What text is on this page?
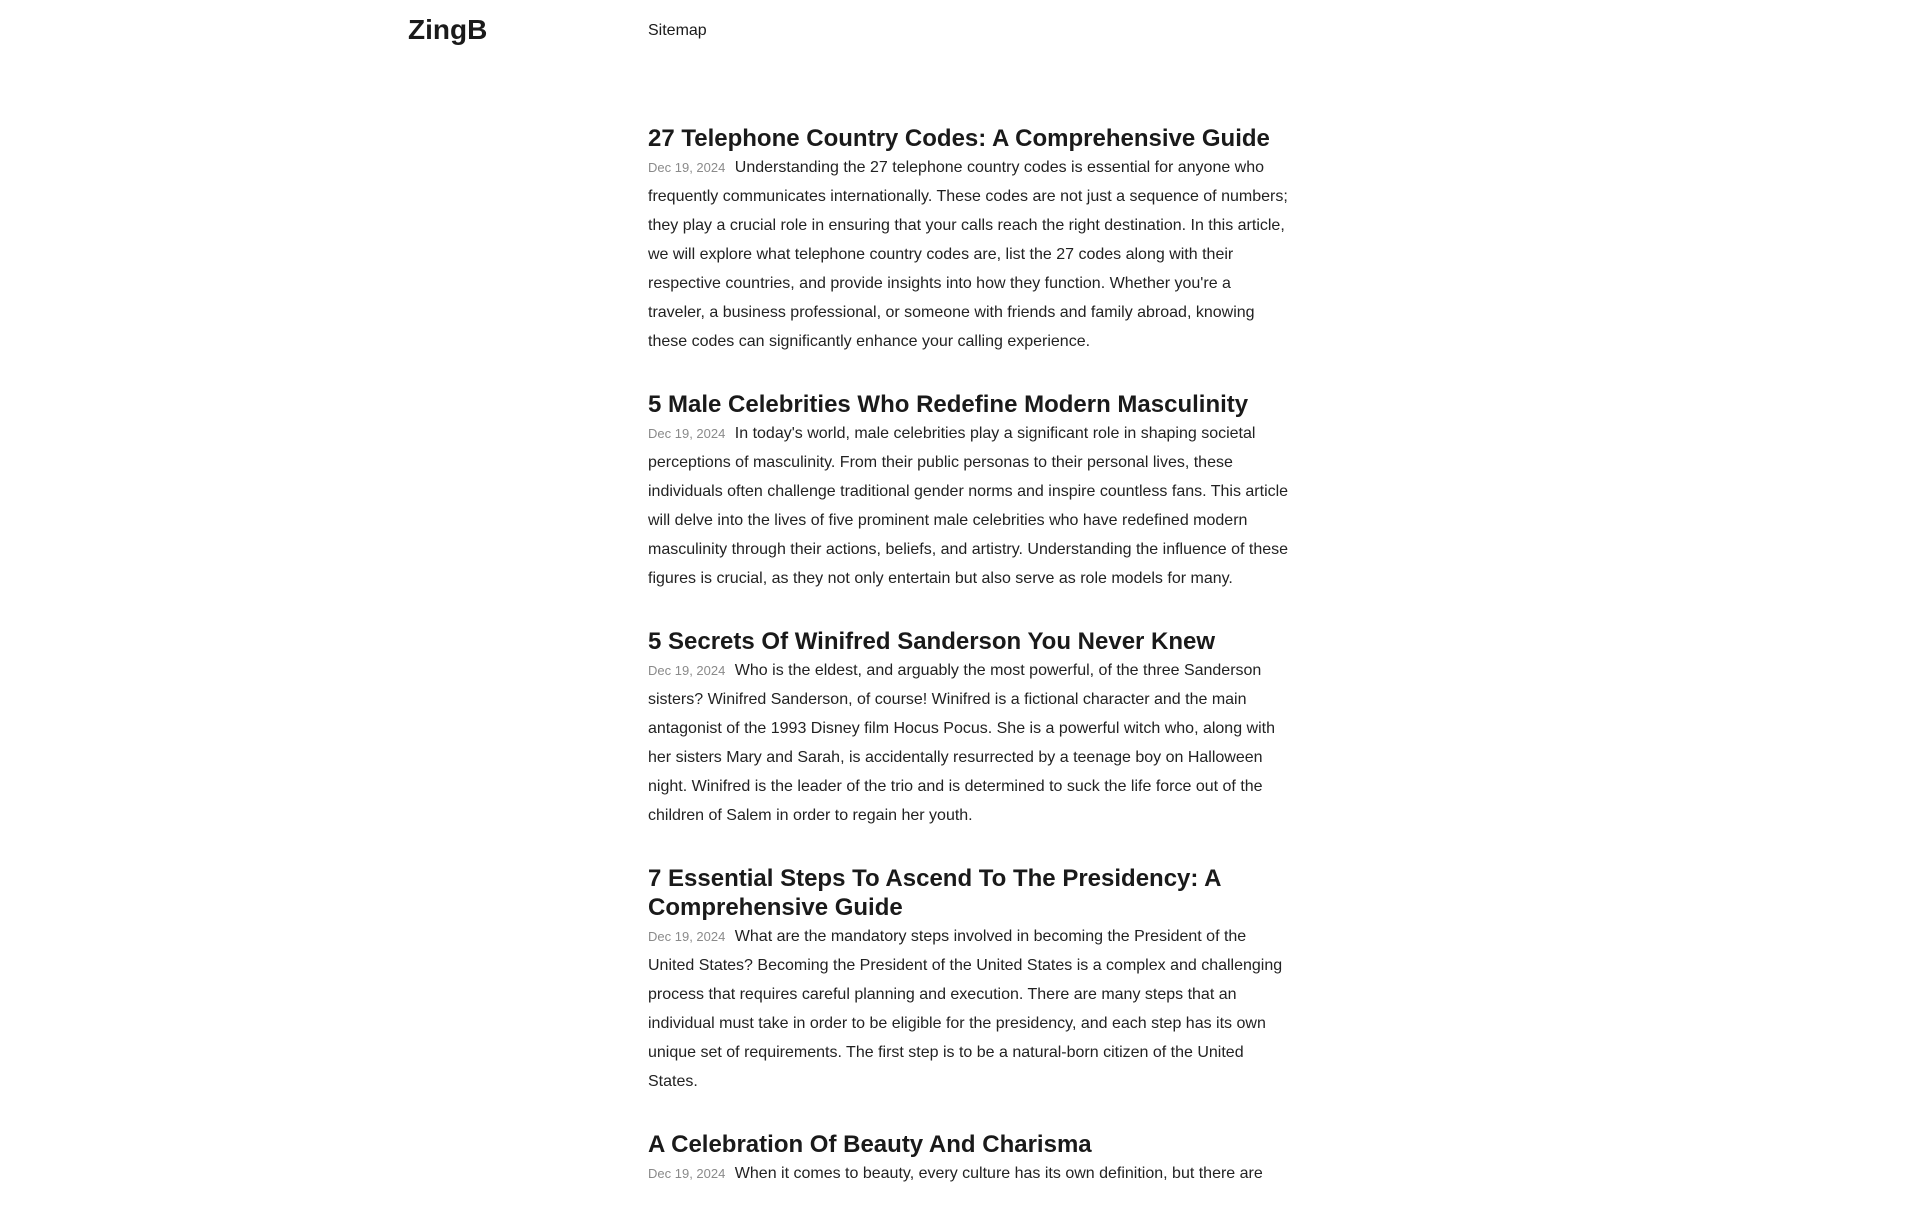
ZingB	Sitemap
27 Telephone Country Codes: A Comprehensive Guide

Dec 19, 2024 Understanding the 27 telephone country codes is essential for anyone who frequently communicates internationally. These codes are not just a sequence of numbers; they play a crucial role in ensuring that your calls reach the right destination. In this article, we will explore what telephone country codes are, list the 27 codes along with their respective countries, and provide insights into how they function. Whether you're a traveler, a business professional, or someone with friends and family abroad, knowing these codes can significantly enhance your calling experience.

5 Male Celebrities Who Redefine Modern Masculinity

Dec 19, 2024 In today's world, male celebrities play a significant role in shaping societal perceptions of masculinity. From their public personas to their personal lives, these individuals often challenge traditional gender norms and inspire countless fans. This article will delve into the lives of five prominent male celebrities who have redefined modern masculinity through their actions, beliefs, and artistry. Understanding the influence of these figures is crucial, as they not only entertain but also serve as role models for many.

5 Secrets Of Winifred Sanderson You Never Knew

Dec 19, 2024 Who is the eldest, and arguably the most powerful, of the three Sanderson sisters? Winifred Sanderson, of course! Winifred is a fictional character and the main antagonist of the 1993 Disney film Hocus Pocus. She is a powerful witch who, along with her sisters Mary and Sarah, is accidentally resurrected by a teenage boy on Halloween night. Winifred is the leader of the trio and is determined to suck the life force out of the children of Salem in order to regain her youth.

7 Essential Steps To Ascend To The Presidency: A Comprehensive Guide

Dec 19, 2024 What are the mandatory steps involved in becoming the President of the United States? Becoming the President of the United States is a complex and challenging process that requires careful planning and execution. There are many steps that an individual must take in order to be eligible for the presidency, and each step has its own unique set of requirements. The first step is to be a natural-born citizen of the United States.

A Celebration Of Beauty And Charisma

Dec 19, 2024 When it comes to beauty, every culture has its own definition, but there are
